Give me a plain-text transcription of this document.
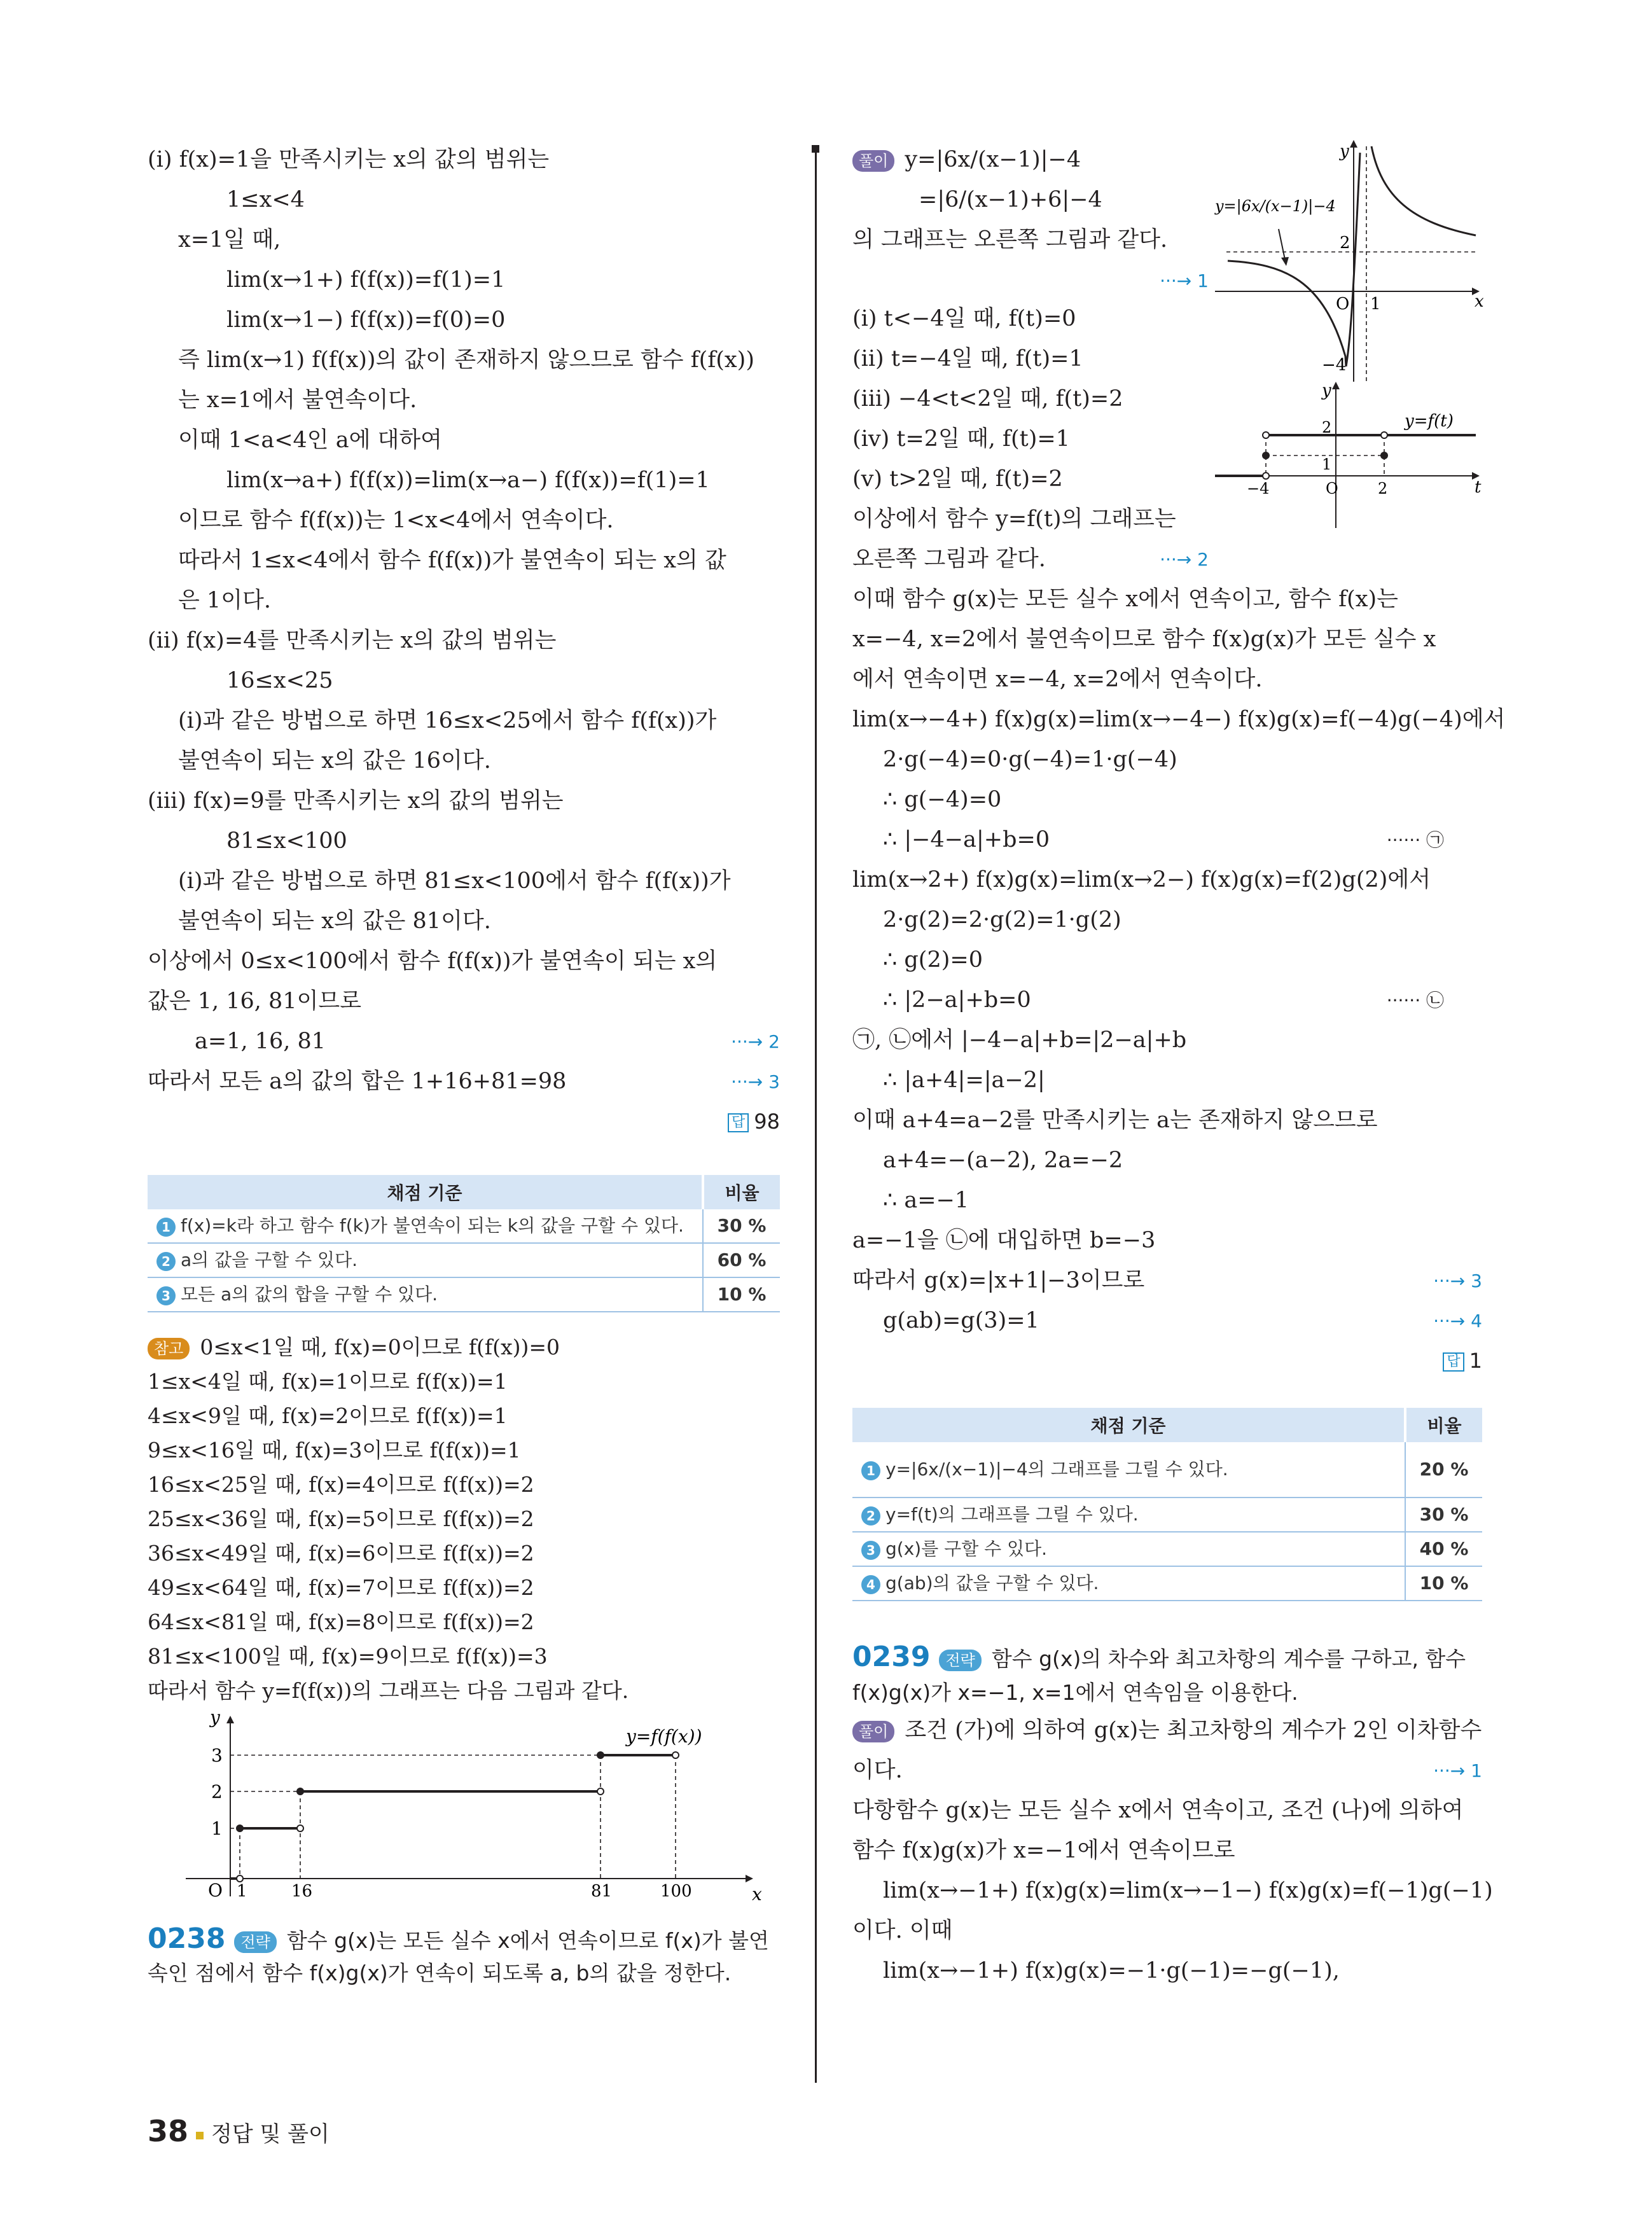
(i) f(x)=1을 만족시키는 x의 값의 범위는
1≤x<4
x=1일 때,
lim(x→1+) f(f(x))=f(1)=1
lim(x→1−) f(f(x))=f(0)=0
즉 lim(x→1) f(f(x))의 값이 존재하지 않으므로 함수 f(f(x))
는 x=1에서 불연속이다.
이때 1<a<4인 a에 대하여
lim(x→a+) f(f(x))=lim(x→a−) f(f(x))=f(1)=1
이므로 함수 f(f(x))는 1<x<4에서 연속이다.
따라서 1≤x<4에서 함수 f(f(x))가 불연속이 되는 x의 값
은 1이다.
(ii) f(x)=4를 만족시키는 x의 값의 범위는
16≤x<25
(i)과 같은 방법으로 하면 16≤x<25에서 함수 f(f(x))가
불연속이 되는 x의 값은 16이다.
(iii) f(x)=9를 만족시키는 x의 값의 범위는
81≤x<100
(i)과 같은 방법으로 하면 81≤x<100에서 함수 f(f(x))가
불연속이 되는 x의 값은 81이다.
이상에서 0≤x<100에서 함수 f(f(x))가 불연속이 되는 x의
값은 1, 16, 81이므로
a=1, 16, 81	···→ 2
따라서 모든 a의 값의 합은 1+16+81=98	···→ 3
답 98
채점 기준	비율
1 f(x)=k라 하고 함수 f(k)가 불연속이 되는 k의 값을 구할 수 있다.	30 %
2 a의 값을 구할 수 있다.	60 %
3 모든 a의 값의 합을 구할 수 있다.	10 %
참고 0≤x<1일 때, f(x)=0이므로 f(f(x))=0
1≤x<4일 때, f(x)=1이므로 f(f(x))=1
4≤x<9일 때, f(x)=2이므로 f(f(x))=1
9≤x<16일 때, f(x)=3이므로 f(f(x))=1
16≤x<25일 때, f(x)=4이므로 f(f(x))=2
25≤x<36일 때, f(x)=5이므로 f(f(x))=2
36≤x<49일 때, f(x)=6이므로 f(f(x))=2
49≤x<64일 때, f(x)=7이므로 f(f(x))=2
64≤x<81일 때, f(x)=8이므로 f(f(x))=2
81≤x<100일 때, f(x)=9이므로 f(f(x))=3
따라서 함수 y=f(f(x))의 그래프는 다음 그림과 같다.
y
x
y=f(f(x))
1
2
3
O 1	16	81	100
0238 전략 함수 g(x)는 모든 실수 x에서 연속이므로 f(x)가 불연
속인 점에서 함수 f(x)g(x)가 연속이 되도록 a, b의 값을 정한다.
풀이 y=|6x/(x−1)|−4
=|6/(x−1)+6|−4
의 그래프는 오른쪽 그림과 같다.
···→ 1
y=|6x/(x−1)|−4
y
x
2
O 1
−4
(i) t<−4일 때, f(t)=0
(ii) t=−4일 때, f(t)=1
(iii) −4<t<2일 때, f(t)=2
(iv) t=2일 때, f(t)=1
(v) t>2일 때, f(t)=2
이상에서 함수 y=f(t)의 그래프는
오른쪽 그림과 같다.	···→ 2
y
t
y=f(t)
2
1
−4	O	2
이때 함수 g(x)는 모든 실수 x에서 연속이고, 함수 f(x)는
x=−4, x=2에서 불연속이므로 함수 f(x)g(x)가 모든 실수 x
에서 연속이면 x=−4, x=2에서 연속이다.
lim(x→−4+) f(x)g(x)=lim(x→−4−) f(x)g(x)=f(−4)g(−4)에서
2·g(−4)=0·g(−4)=1·g(−4)
∴ g(−4)=0
∴ |−4−a|+b=0	······ ㉠
lim(x→2+) f(x)g(x)=lim(x→2−) f(x)g(x)=f(2)g(2)에서
2·g(2)=2·g(2)=1·g(2)
∴ g(2)=0
∴ |2−a|+b=0	······ ㉡
㉠, ㉡에서 |−4−a|+b=|2−a|+b
∴ |a+4|=|a−2|
이때 a+4=a−2를 만족시키는 a는 존재하지 않으므로
a+4=−(a−2), 2a=−2
∴ a=−1
a=−1을 ㉡에 대입하면 b=−3
따라서 g(x)=|x+1|−3이므로	···→ 3
g(ab)=g(3)=1	···→ 4
답 1
채점 기준	비율
1 y=|6x/(x−1)|−4의 그래프를 그릴 수 있다.	20 %
2 y=f(t)의 그래프를 그릴 수 있다.	30 %
3 g(x)를 구할 수 있다.	40 %
4 g(ab)의 값을 구할 수 있다.	10 %
0239 전략 함수 g(x)의 차수와 최고차항의 계수를 구하고, 함수
f(x)g(x)가 x=−1, x=1에서 연속임을 이용한다.
풀이 조건 (가)에 의하여 g(x)는 최고차항의 계수가 2인 이차함수
이다.	···→ 1
다항함수 g(x)는 모든 실수 x에서 연속이고, 조건 (나)에 의하여
함수 f(x)g(x)가 x=−1에서 연속이므로
lim(x→−1+) f(x)g(x)=lim(x→−1−) f(x)g(x)=f(−1)g(−1)
이다. 이때
lim(x→−1+) f(x)g(x)=−1·g(−1)=−g(−1),
38 정답 및 풀이
